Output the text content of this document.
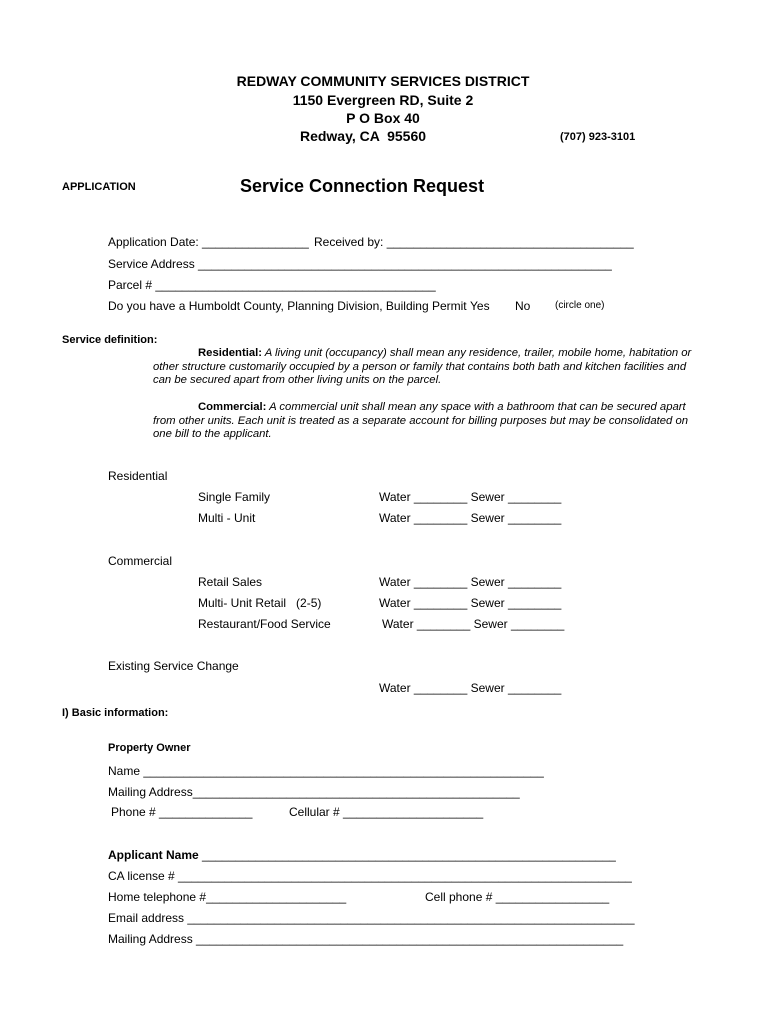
REDWAY COMMUNITY SERVICES DISTRICT
1150 Evergreen RD, Suite 2
P O Box 40
Redway, CA  95560	(707) 923-3101
APPLICATION	Service Connection Request
Application Date: ________________ Received by: _____________________________________
Service Address ______________________________________________________________
Parcel # __________________________________________
Do you have a Humboldt County, Planning Division, Building Permit Yes No (circle one)
Service definition:
Residential: A living unit (occupancy) shall mean any residence, trailer, mobile home, habitation or other structure customarily occupied by a person or family that contains both bath and kitchen facilities and can be secured apart from other living units on the parcel.
Commercial: A commercial unit shall mean any space with a bathroom that can be secured apart from other units. Each unit is treated as a separate account for billing purposes but may be consolidated on one bill to the applicant.
Residential
Single Family	Water ________ Sewer ________
Multi - Unit	Water ________ Sewer ________
Commercial
Retail Sales	Water ________ Sewer ________
Multi- Unit Retail   (2-5)	Water ________ Sewer ________
Restaurant/Food Service	Water ________ Sewer ________
Existing Service Change
Water ________ Sewer ________
I) Basic information:
Property Owner
Name ____________________________________________________________
Mailing Address_________________________________________________
Phone # ______________	Cellular # _____________________
Applicant Name ______________________________________________________________
CA license # ____________________________________________________________________
Home telephone #_____________________	Cell phone # _________________
Email address ___________________________________________________________________
Mailing Address ________________________________________________________________
